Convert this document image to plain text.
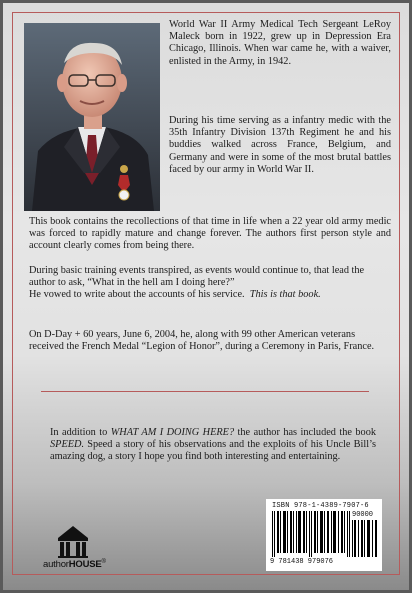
World War II Army Medical Tech Sergeant LeRoy Maleck born in 1922, grew up in Depression Era Chicago, Illinois. When war came he, with a waiver, enlisted in the Army, in 1942.

During his time serving as a infantry medic with the 35th Infantry Division 137th Regiment he and his buddies walked across France, Belgium, and Germany and were in some of the most brutal battles faced by our army in World War II.

This book contains the recollections of that time in life when a 22 year old army medic was forced to rapidly mature and change forever. The authors first person style and account clearly comes from being there.

During basic training events transpired, as events would continue to, that lead the author to ask, “What in the hell am I doing here?”
He vowed to write about the accounts of his service. This is that book.

On D-Day + 60 years, June 6, 2004, he, along with 99 other American veterans received the French Medal “Legion of Honor”, during a Ceremony in Paris, France.

In addition to WHAT AM I DOING HERE? the author has included the book SPEED. Speed a story of his observations and the exploits of his Uncle Bill’s amazing dog, a story I hope you find both interesting and entertaining.

ISBN 978-1-4389-7907-6
90000
9 781438 979076
authorHOUSE®
